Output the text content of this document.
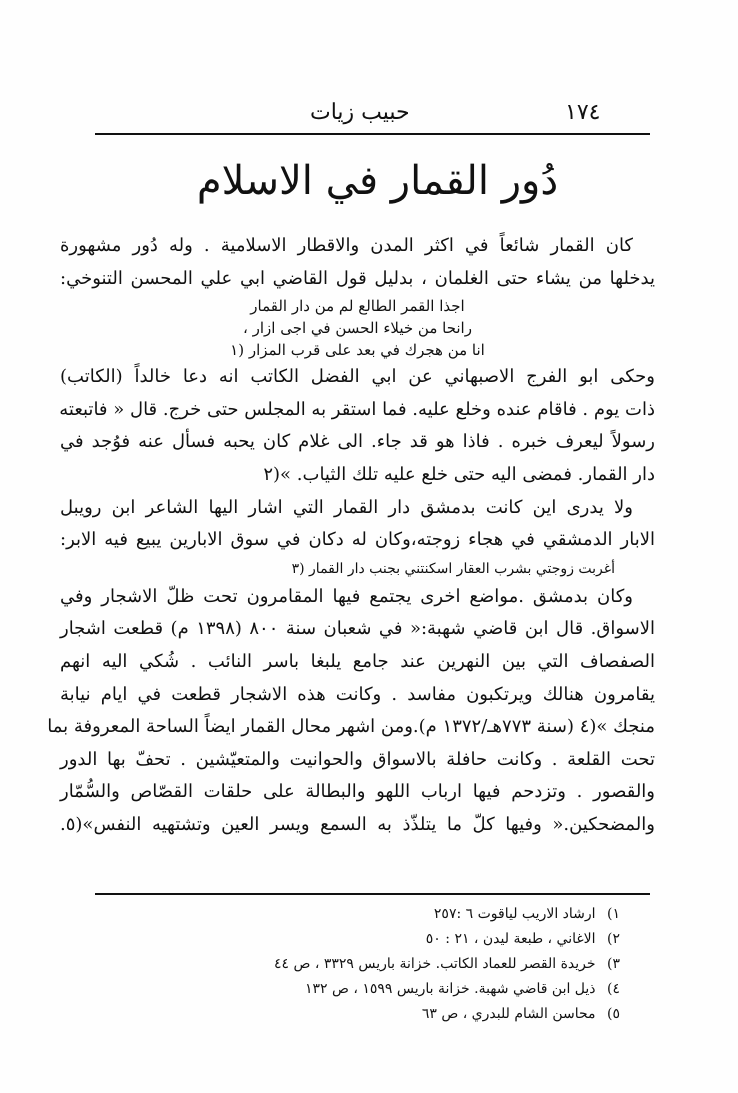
١٧٤
حبيب زيات
دُور القمار في الاسلام
كان القمار شائعاً في اكثر المدن والاقطار الاسلامية . وله دُور مشهورة
يدخلها من يشاء حتى الغلمان ، بدليل قول القاضي ابي علي المحسن التنوخي:
اجذا القمر الطالع لم من دار القمار
رانحا من خيلاء الحسن في اجى ازار ،
انا من هجرك في بعد على قرب المزار (١
وحكى ابو الفرج الاصبهاني عن ابي الفضل الكاتب انه دعا خالداً (الكاتب)
ذات يوم . فاقام عنده وخلع عليه. فما استقر به المجلس حتى خرج. قال « فاتبعته
رسولاً ليعرف خبره . فاذا هو قد جاء. الى غلام كان يحبه فسأل عنه فوُجد في
دار القمار. فمضى اليه حتى خلع عليه تلك الثياب. »(٢
ولا يدرى اين كانت بدمشق دار القمار التي اشار اليها الشاعر ابن رويبل
الابار الدمشقي في هجاء زوجته،وكان له دكان في سوق الابارين يبيع فيه الابر:
أغربت زوجتي بشرب العقار اسكنتني بجنب دار القمار (٣
وكان بدمشق .مواضع اخرى يجتمع فيها المقامرون تحت ظلّ الاشجار وفي
الاسواق. قال ابن قاضي شهبة:« في شعبان سنة ٨٠٠ (١٣٩٨ م) قطعت اشجار
الصفصاف التي بين النهرين عند جامع يلبغا باسر النائب . شُكي اليه انهم
يقامرون هنالك ويرتكبون مفاسد . وكانت هذه الاشجار قطعت في ايام نيابة
منجك »(٤ (سنة ٧٧٣هـ/١٣٧٢ م).ومن اشهر محال القمار ايضاً الساحة المعروفة بما
تحت القلعة . وكانت حافلة بالاسواق والحوانيت والمتعيّشين . تحفّ بها الدور
والقصور . وتزدحم فيها ارباب اللهو والبطالة على حلقات القصّاص والسُّمّار
والمضحكين.« وفيها كلّ ما يتلذّذ به السمع ويسر العين وتشتهيه النفس»(٥.
١) ارشاد الاريب لياقوت ٦ :٢٥٧
٢) الاغاني ، طبعة ليدن ، ٢١ : ٥٠
٣) خريدة القصر للعماد الكاتب. خزانة باريس ٣٣٢٩ ، ص ٤٤
٤) ذيل ابن قاضي شهبة. خزانة باريس ١٥٩٩ ، ص ١٣٢
٥) محاسن الشام للبدري ، ص ٦٣
